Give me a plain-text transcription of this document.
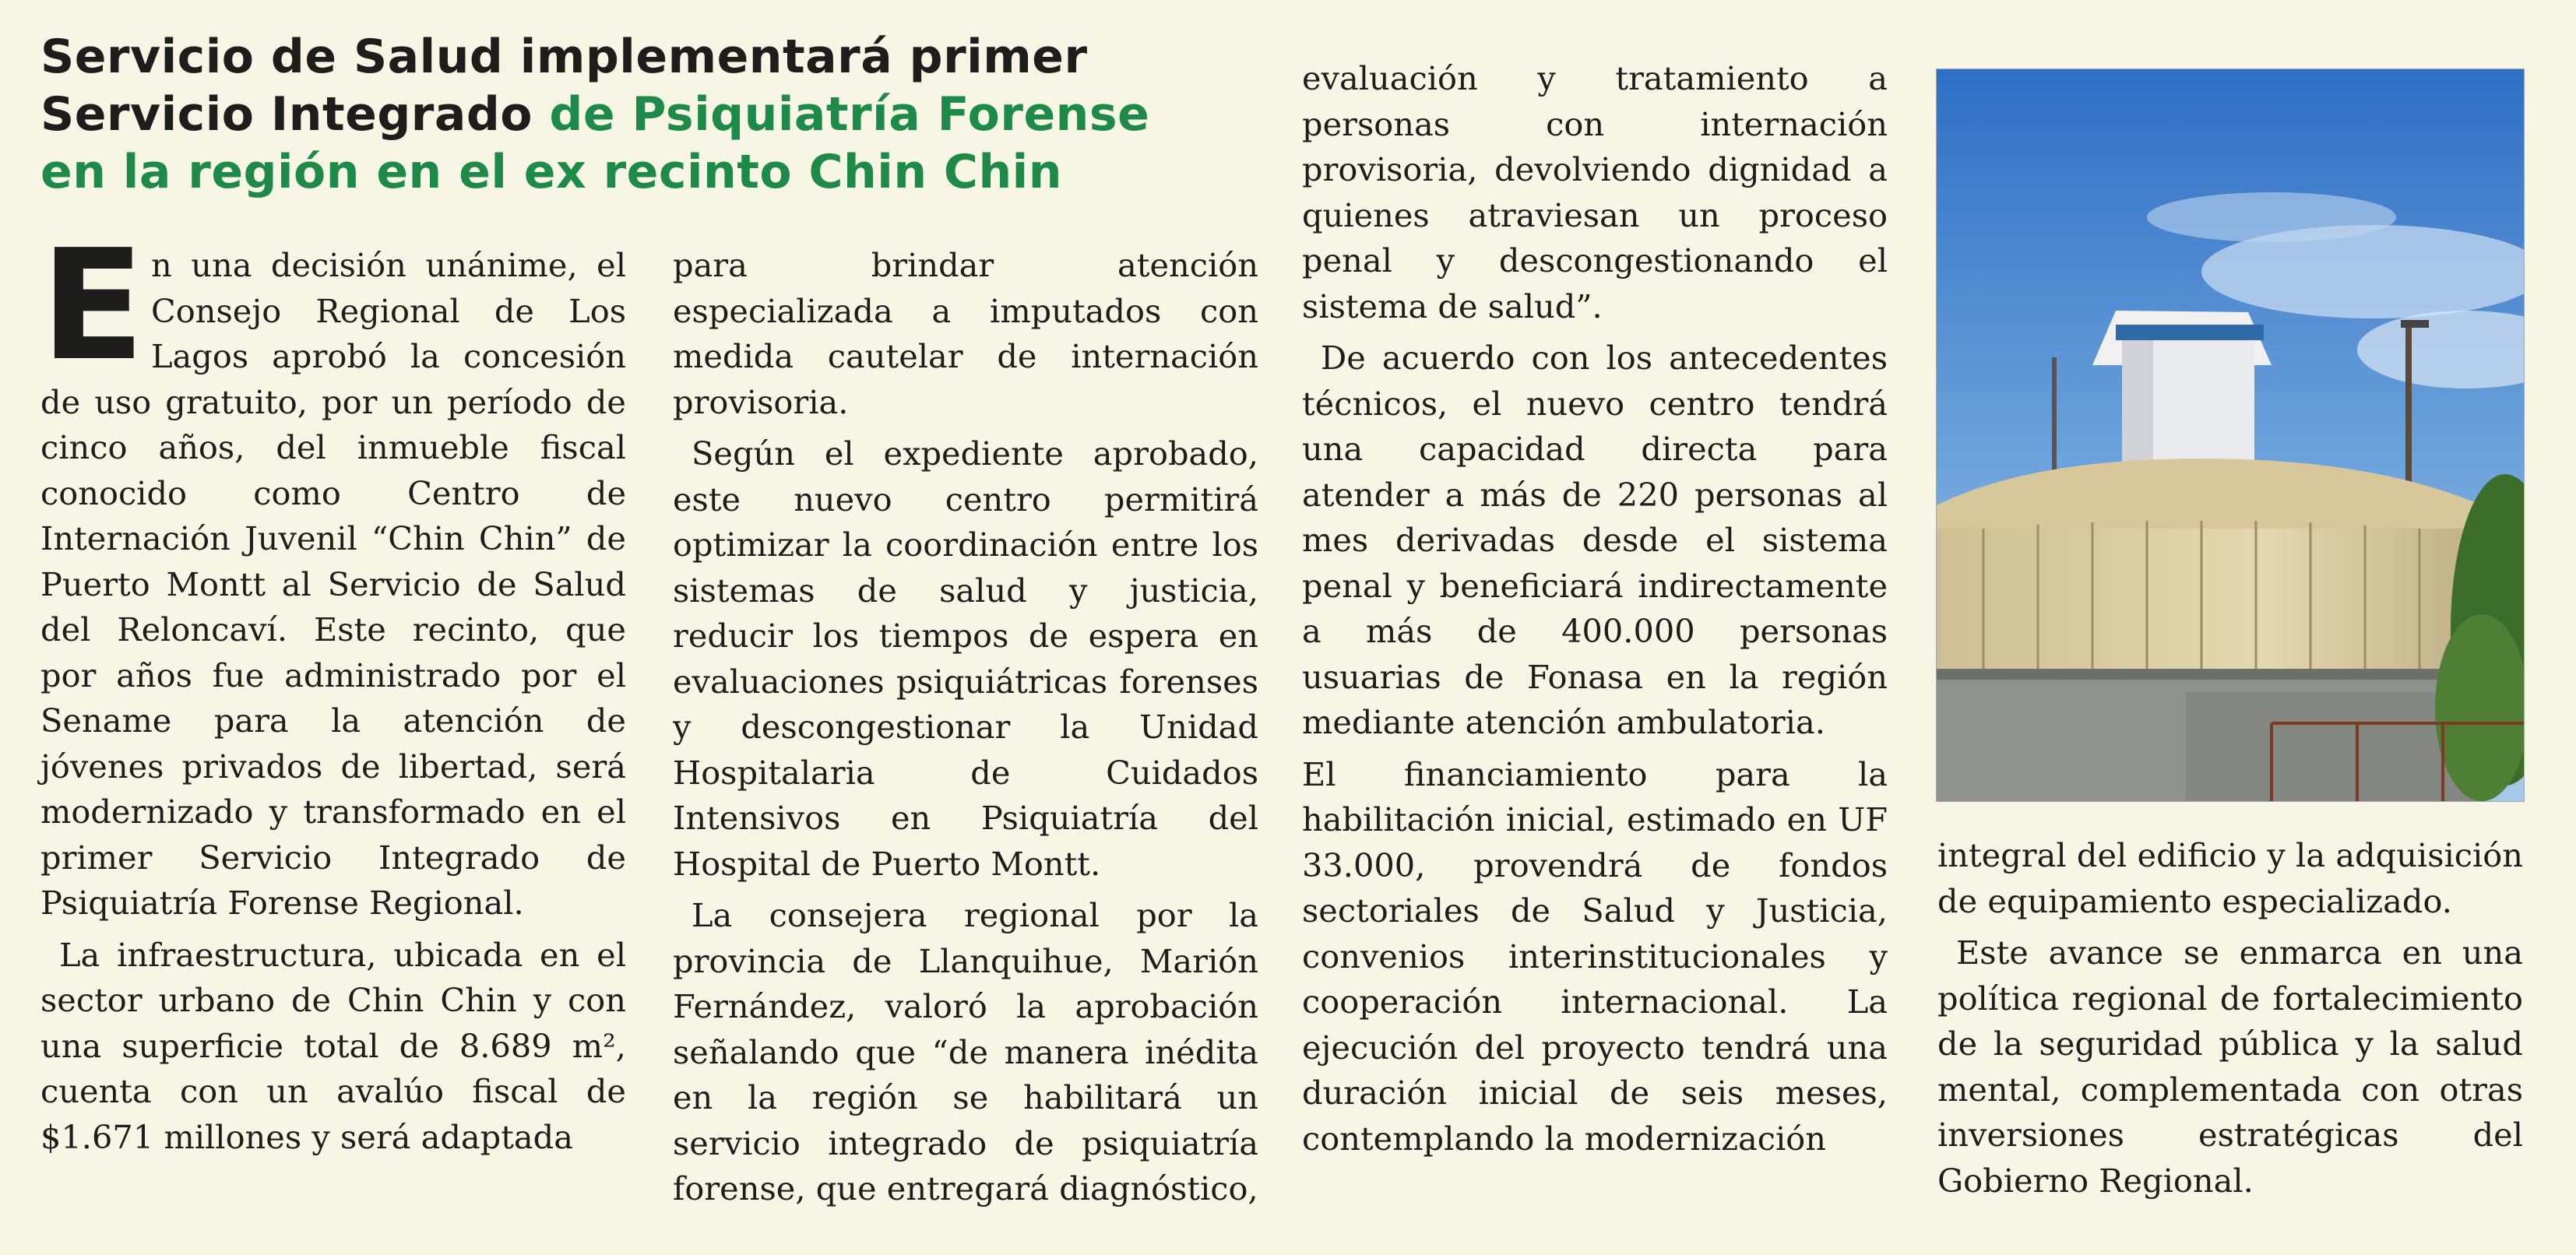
Servicio de Salud implementará primer
Servicio Integrado de Psiquiatría Forense
en la región en el ex recinto Chin Chin

En una decisión unánime, el Consejo Regional de Los Lagos aprobó la concesión de uso gratuito, por un período de cinco años, del inmueble fiscal conocido como Centro de Internación Juvenil “Chin Chin” de Puerto Montt al Servicio de Salud del Reloncaví. Este recinto, que por años fue administrado por el Sename para la atención de jóvenes privados de libertad, será modernizado y transformado en el primer Servicio Integrado de Psiquiatría Forense Regional.

La infraestructura, ubicada en el sector urbano de Chin Chin y con una superficie total de 8.689 m², cuenta con un avalúo fiscal de $1.671 millones y será adaptada

para brindar atención especializada a imputados con medida cautelar de internación provisoria.

Según el expediente aprobado, este nuevo centro permitirá optimizar la coordinación entre los sistemas de salud y justicia, reducir los tiempos de espera en evaluaciones psiquiátricas forenses y descongestionar la Unidad Hospitalaria de Cuidados Intensivos en Psiquiatría del Hospital de Puerto Montt.

La consejera regional por la provincia de Llanquihue, Marión Fernández, valoró la aprobación señalando que “de manera inédita en la región se habilitará un servicio integrado de psiquiatría forense, que entregará diagnóstico,

evaluación y tratamiento a personas con internación provisoria, devolviendo dignidad a quienes atraviesan un proceso penal y descongestionando el sistema de salud”.

De acuerdo con los antecedentes técnicos, el nuevo centro tendrá una capacidad directa para atender a más de 220 personas al mes derivadas desde el sistema penal y beneficiará indirectamente a más de 400.000 personas usuarias de Fonasa en la región mediante atención ambulatoria.

El financiamiento para la habilitación inicial, estimado en UF 33.000, provendrá de fondos sectoriales de Salud y Justicia, convenios interinstitucionales y cooperación internacional. La ejecución del proyecto tendrá una duración inicial de seis meses, contemplando la modernización

integral del edificio y la adquisición de equipamiento especializado.

Este avance se enmarca en una política regional de fortalecimiento de la seguridad pública y la salud mental, complementada con otras inversiones estratégicas del Gobierno Regional.
